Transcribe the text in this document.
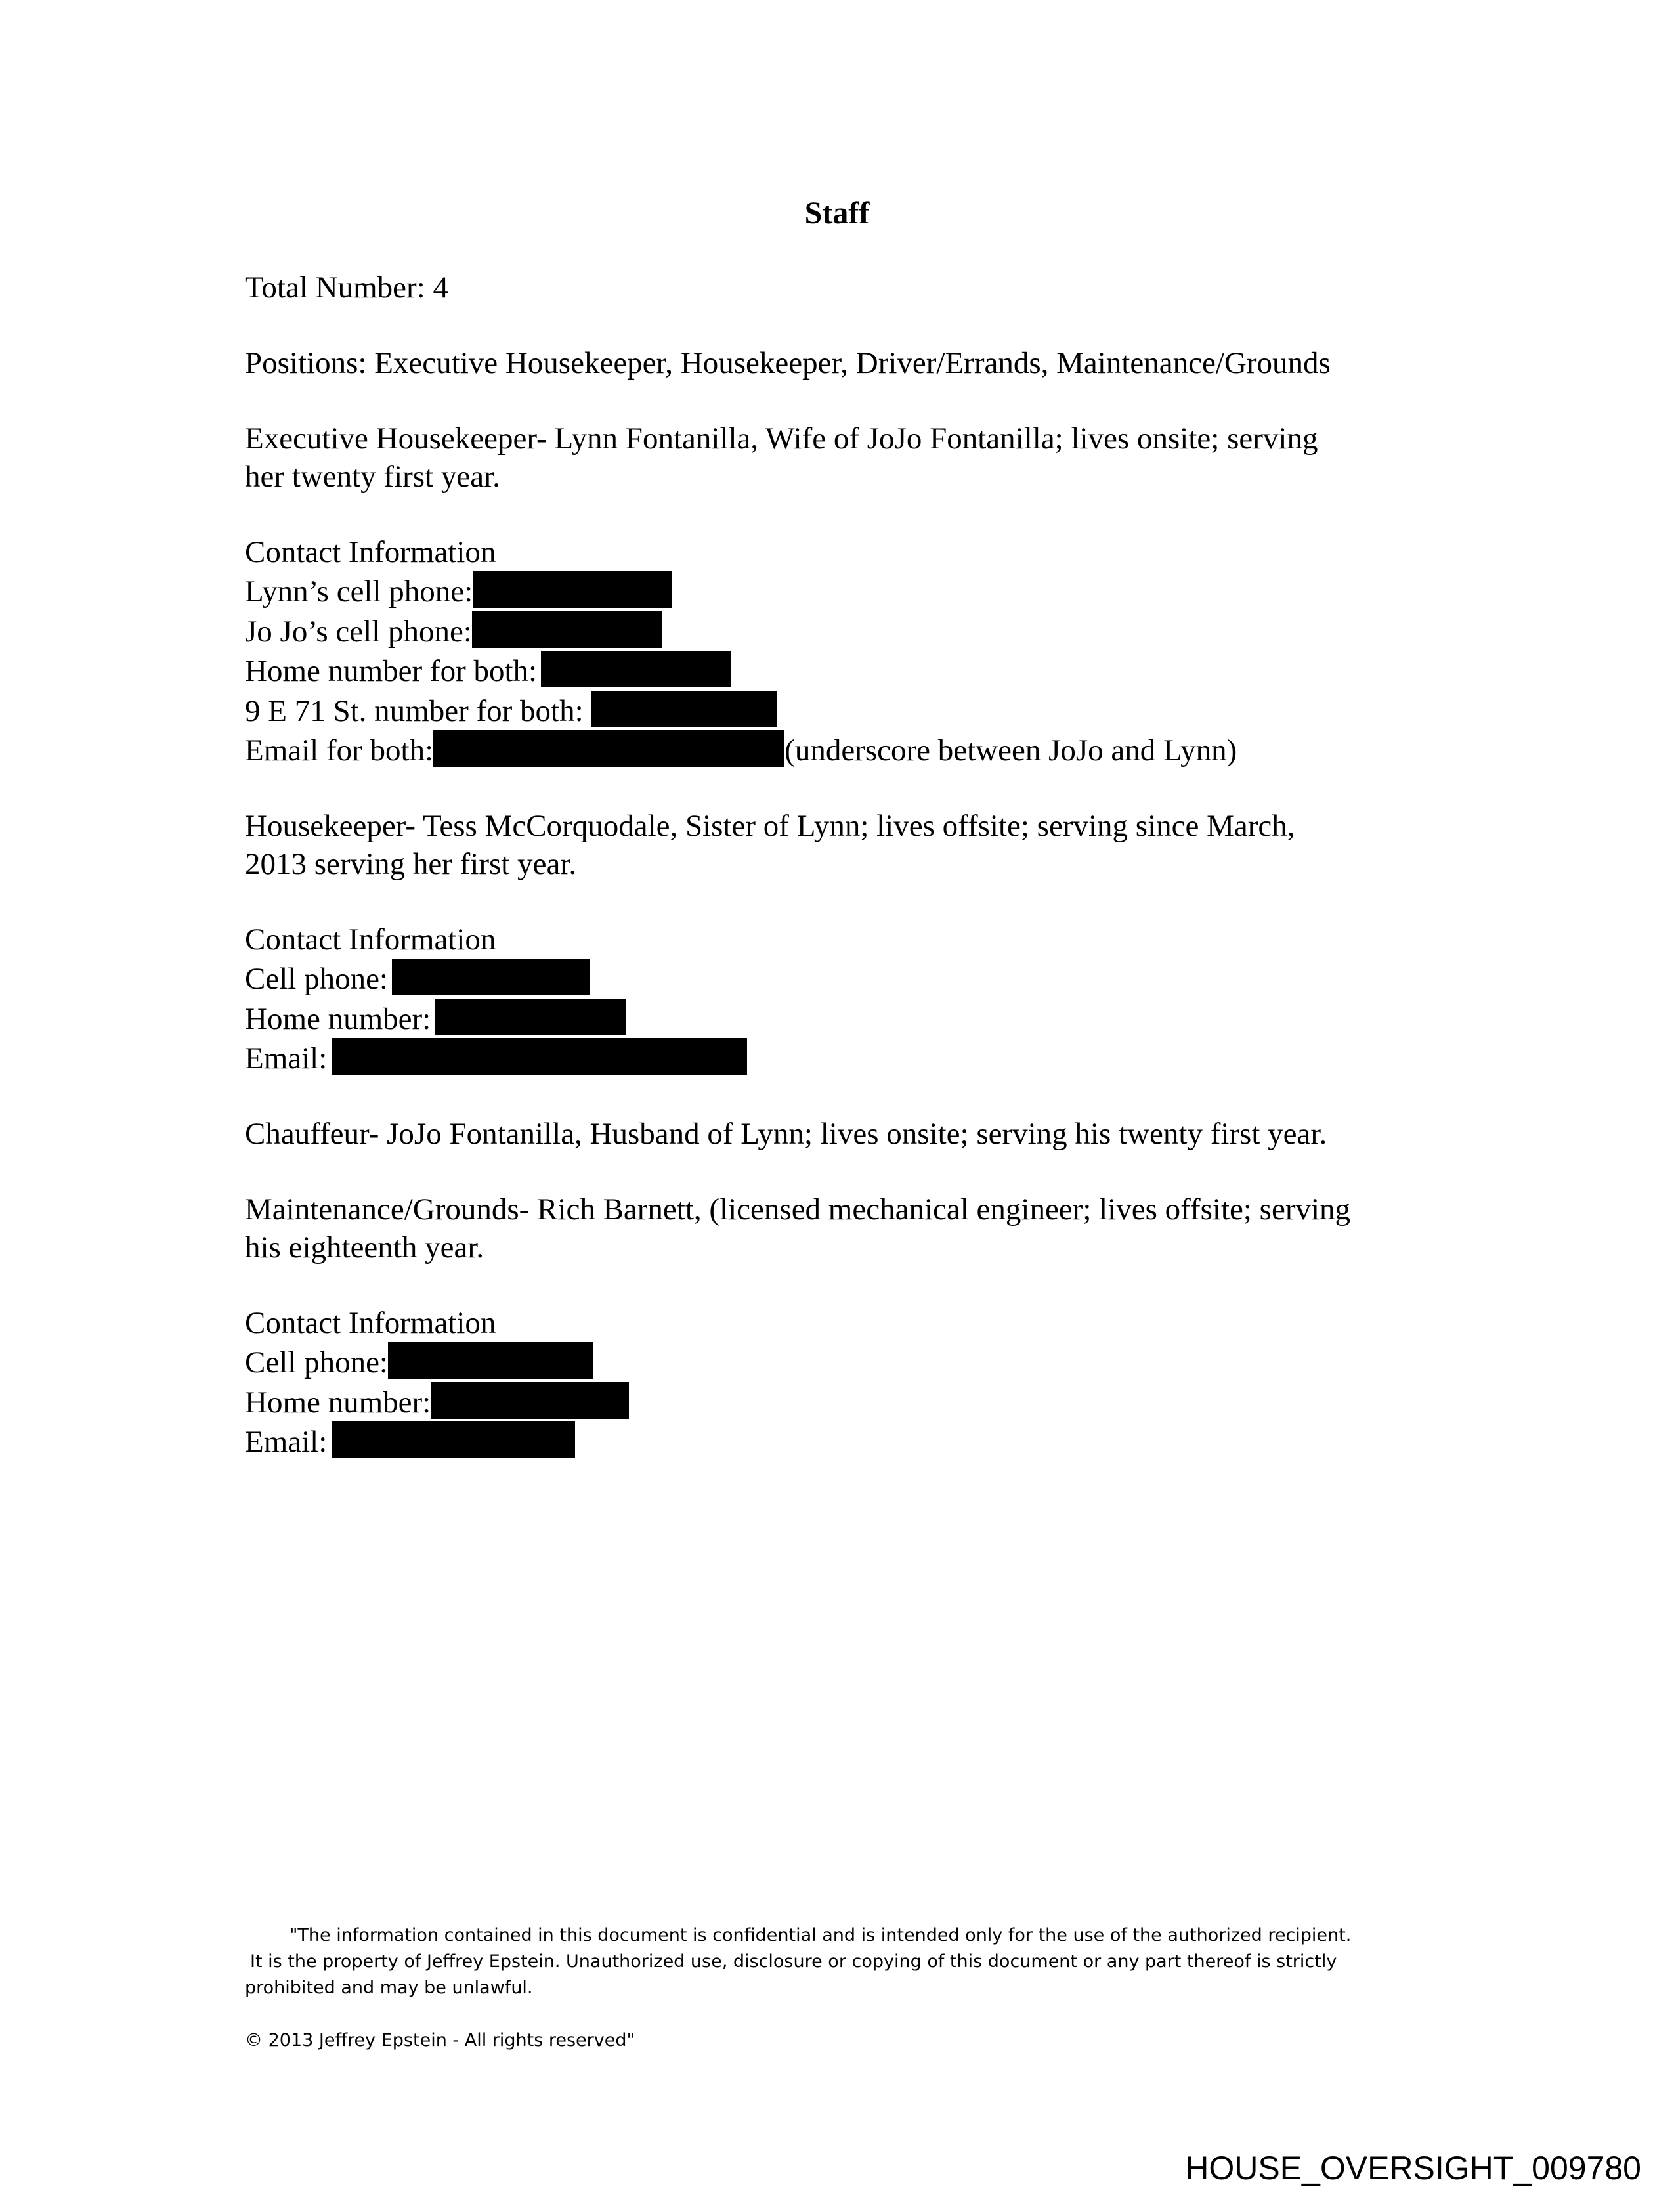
Staff

Total Number: 4

Positions: Executive Housekeeper, Housekeeper, Driver/Errands, Maintenance/Grounds

Executive Housekeeper- Lynn Fontanilla, Wife of JoJo Fontanilla; lives onsite; serving
her twenty first year.

Contact Information
Lynn’s cell phone:
Jo Jo’s cell phone:
Home number for both:
9 E 71 St. number for both:
Email for both:	(underscore between JoJo and Lynn)

Housekeeper- Tess McCorquodale, Sister of Lynn; lives offsite; serving since March,
2013 serving her first year.

Contact Information
Cell phone:
Home number:
Email:

Chauffeur- JoJo Fontanilla, Husband of Lynn; lives onsite; serving his twenty first year.

Maintenance/Grounds- Rich Barnett, (licensed mechanical engineer; lives offsite; serving
his eighteenth year.

Contact Information
Cell phone:
Home number:
Email:

"The information contained in this document is confidential and is intended only for the use of the authorized recipient.
It is the property of Jeffrey Epstein. Unauthorized use, disclosure or copying of this document or any part thereof is strictly
prohibited and may be unlawful.
© 2013 Jeffrey Epstein - All rights reserved"
HOUSE_OVERSIGHT_009780
